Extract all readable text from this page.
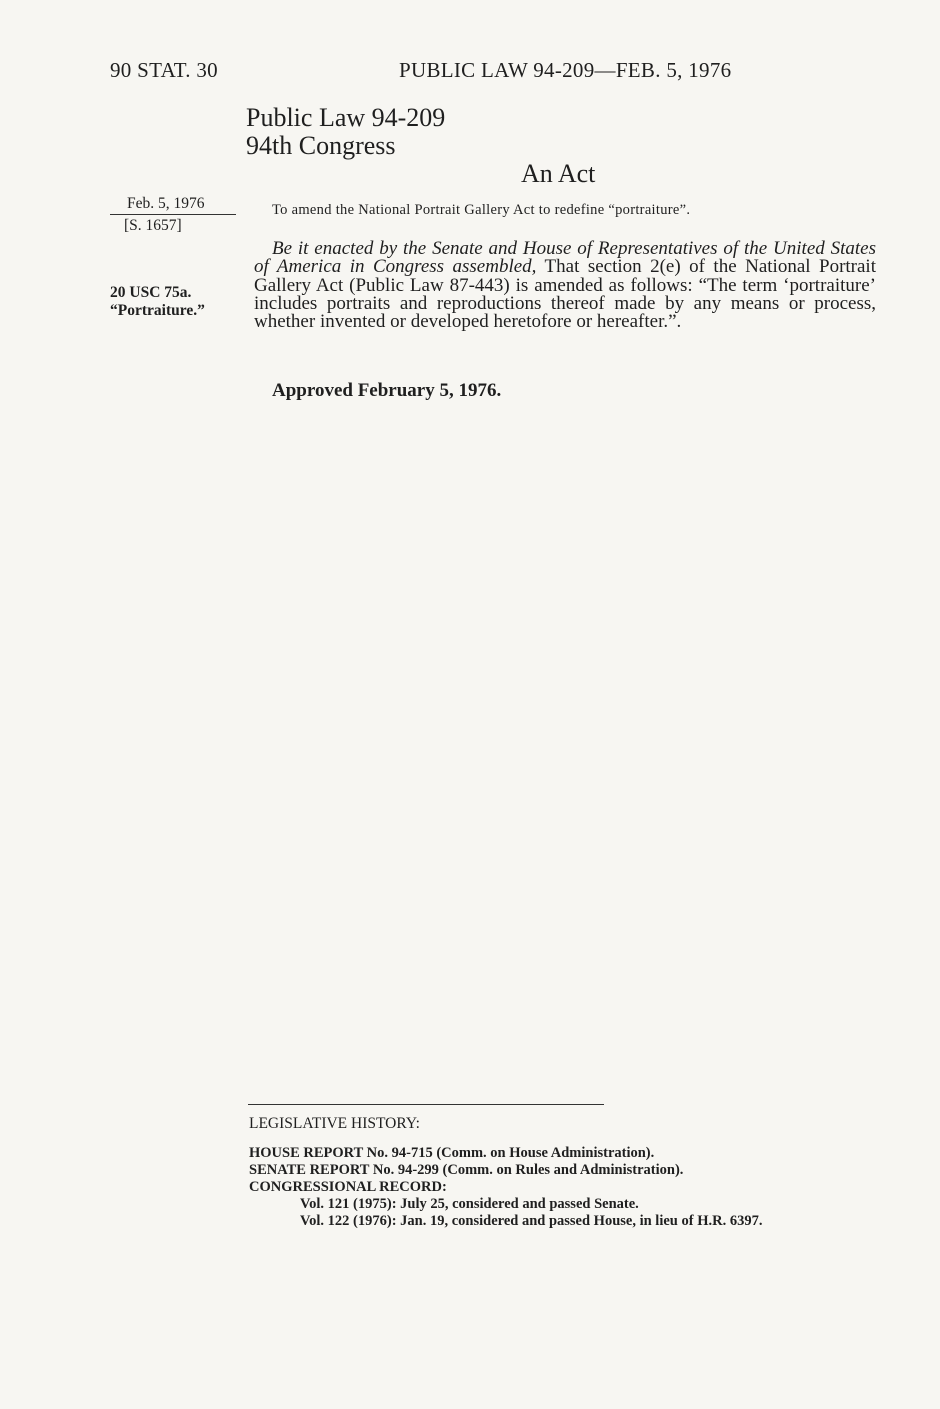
90 STAT. 30	PUBLIC LAW 94-209—FEB. 5, 1976
Public Law 94-209
94th Congress
An Act
Feb. 5, 1976
[S. 1657]
20 USC 75a.
“Portraiture.”
To amend the National Portrait Gallery Act to redefine “portraiture”.

Be it enacted by the Senate and House of Representatives of the United States of America in Congress assembled, That section 2(e) of the National Portrait Gallery Act (Public Law 87-443) is amended as follows: “The term ‘portraiture’ includes portraits and reproductions thereof made by any means or process, whether invented or developed heretofore or hereafter.”.

Approved February 5, 1976.
LEGISLATIVE HISTORY:
HOUSE REPORT No. 94-715 (Comm. on House Administration).
SENATE REPORT No. 94-299 (Comm. on Rules and Administration).
CONGRESSIONAL RECORD:
Vol. 121 (1975): July 25, considered and passed Senate.
Vol. 122 (1976): Jan. 19, considered and passed House, in lieu of H.R. 6397.
